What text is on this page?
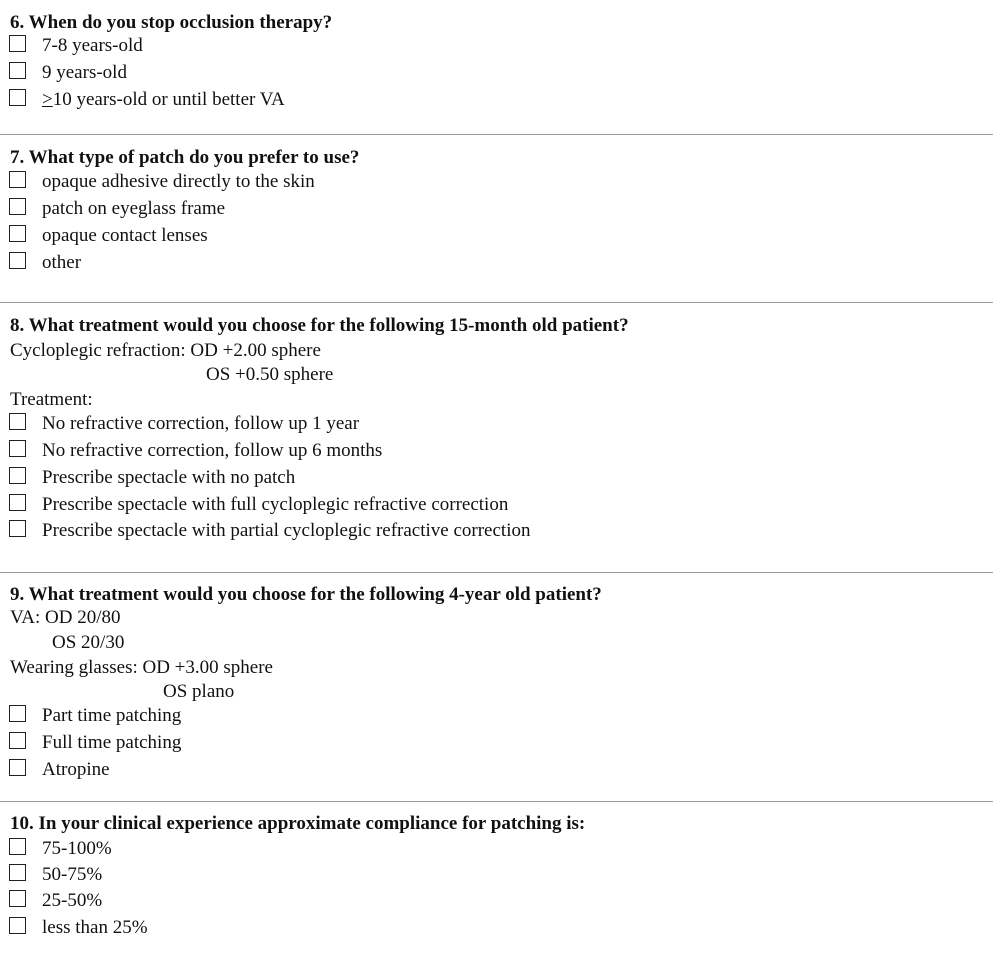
6. When do you stop occlusion therapy?
7-8 years-old
9 years-old
≥10 years-old or until better VA
7. What type of patch do you prefer to use?
opaque adhesive directly to the skin
patch on eyeglass frame
opaque contact lenses
other
8. What treatment would you choose for the following 15-month old patient?
Cycloplegic refraction: OD +2.00 sphere
OS +0.50 sphere
Treatment:
No refractive correction, follow up 1 year
No refractive correction, follow up 6 months
Prescribe spectacle with no patch
Prescribe spectacle with full cycloplegic refractive correction
Prescribe spectacle with partial cycloplegic refractive correction
9. What treatment would you choose for the following 4-year old patient?
VA: OD 20/80
OS 20/30
Wearing glasses: OD +3.00 sphere
OS plano
Part time patching
Full time patching
Atropine
10. In your clinical experience approximate compliance for patching is:
75-100%
50-75%
25-50%
less than 25%
